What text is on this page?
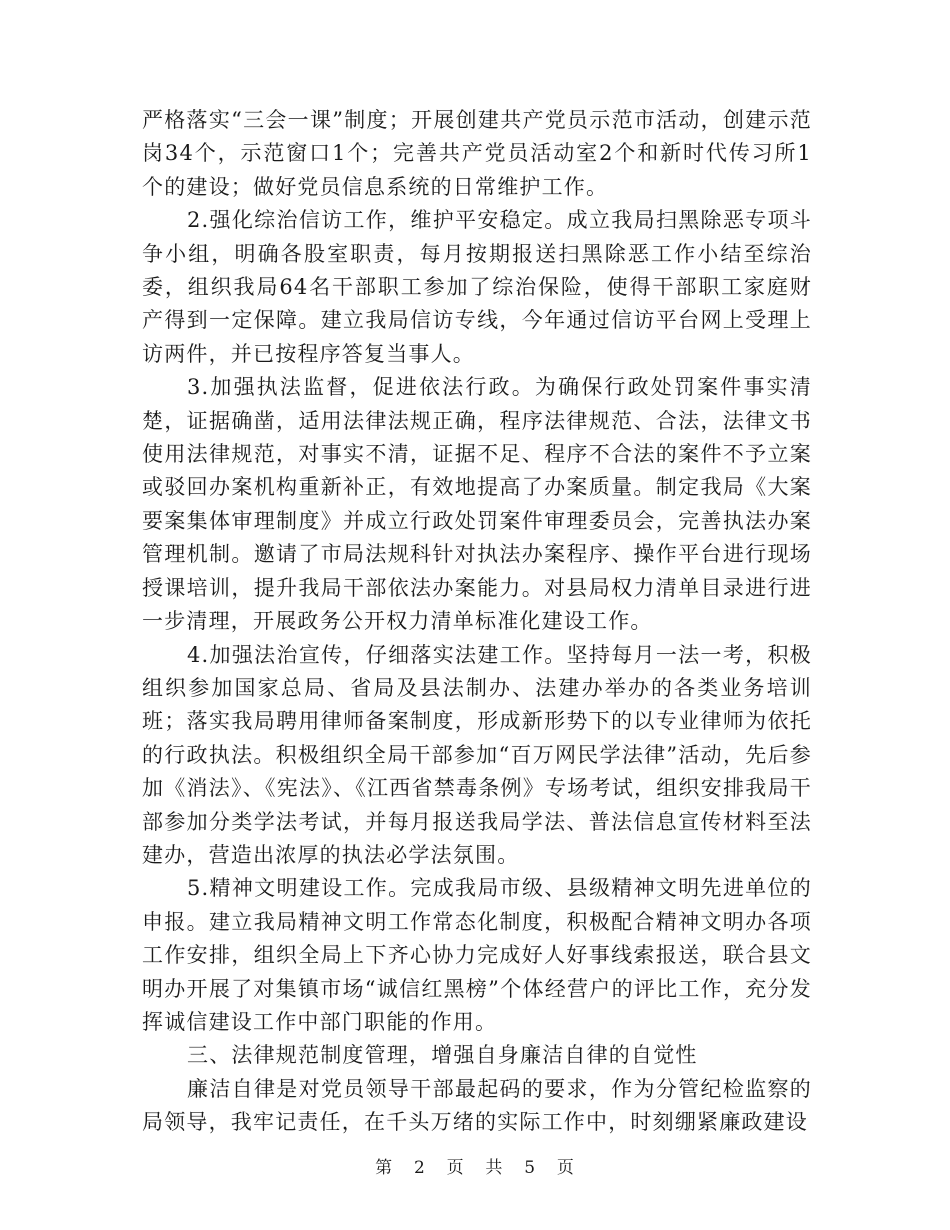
严格落实“三会一课”制度；开展创建共产党员示范市活动，创建示范岗34个，示范窗口1个；完善共产党员活动室2个和新时代传习所1个的建设；做好党员信息系统的日常维护工作。

2.强化综治信访工作，维护平安稳定。成立我局扫黑除恶专项斗争小组，明确各股室职责，每月按期报送扫黑除恶工作小结至综治委，组织我局64名干部职工参加了综治保险，使得干部职工家庭财产得到一定保障。建立我局信访专线，今年通过信访平台网上受理上访两件，并已按程序答复当事人。

3.加强执法监督，促进依法行政。为确保行政处罚案件事实清楚，证据确凿，适用法律法规正确，程序法律规范、合法，法律文书使用法律规范，对事实不清，证据不足、程序不合法的案件不予立案或驳回办案机构重新补正，有效地提高了办案质量。制定我局《大案要案集体审理制度》并成立行政处罚案件审理委员会，完善执法办案管理机制。邀请了市局法规科针对执法办案程序、操作平台进行现场授课培训，提升我局干部依法办案能力。对县局权力清单目录进行进一步清理，开展政务公开权力清单标准化建设工作。

4.加强法治宣传，仔细落实法建工作。坚持每月一法一考，积极组织参加国家总局、省局及县法制办、法建办举办的各类业务培训班；落实我局聘用律师备案制度，形成新形势下的以专业律师为依托的行政执法。积极组织全局干部参加“百万网民学法律”活动，先后参加《消法》、《宪法》、《江西省禁毒条例》专场考试，组织安排我局干部参加分类学法考试，并每月报送我局学法、普法信息宣传材料至法建办，营造出浓厚的执法必学法氛围。

5.精神文明建设工作。完成我局市级、县级精神文明先进单位的申报。建立我局精神文明工作常态化制度，积极配合精神文明办各项工作安排，组织全局上下齐心协力完成好人好事线索报送，联合县文明办开展了对集镇市场“诚信红黑榜”个体经营户的评比工作，充分发挥诚信建设工作中部门职能的作用。

三、法律规范制度管理，增强自身廉洁自律的自觉性

廉洁自律是对党员领导干部最起码的要求，作为分管纪检监察的局领导，我牢记责任，在千头万绪的实际工作中，时刻绷紧廉政建设

第 2 页 共 5 页
